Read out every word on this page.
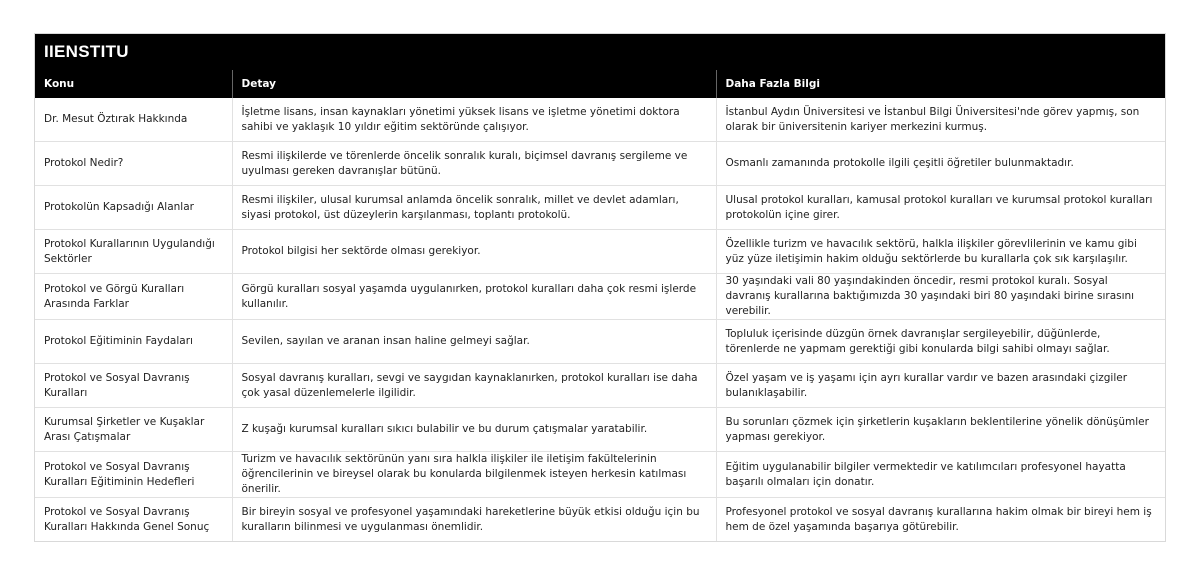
IIENSTITU
Konu	Detay	Daha Fazla Bilgi
Dr. Mesut Öztırak Hakkında	İşletme lisans, insan kaynakları yönetimi yüksek lisans ve işletme yönetimi doktora sahibi ve yaklaşık 10 yıldır eğitim sektöründe çalışıyor.	İstanbul Aydın Üniversitesi ve İstanbul Bilgi Üniversitesi'nde görev yapmış, son olarak bir üniversitenin kariyer merkezini kurmuş.
Protokol Nedir?	Resmi ilişkilerde ve törenlerde öncelik sonralık kuralı, biçimsel davranış sergileme ve uyulması gereken davranışlar bütünü.	Osmanlı zamanında protokolle ilgili çeşitli öğretiler bulunmaktadır.
Protokolün Kapsadığı Alanlar	Resmi ilişkiler, ulusal kurumsal anlamda öncelik sonralık, millet ve devlet adamları, siyasi protokol, üst düzeylerin karşılanması, toplantı protokolü.	Ulusal protokol kuralları, kamusal protokol kuralları ve kurumsal protokol kuralları protokolün içine girer.
Protokol Kurallarının Uygulandığı Sektörler	Protokol bilgisi her sektörde olması gerekiyor.	Özellikle turizm ve havacılık sektörü, halkla ilişkiler görevlilerinin ve kamu gibi yüz yüze iletişimin hakim olduğu sektörlerde bu kurallarla çok sık karşılaşılır.
Protokol ve Görgü Kuralları Arasında Farklar	Görgü kuralları sosyal yaşamda uygulanırken, protokol kuralları daha çok resmi işlerde kullanılır.	30 yaşındaki vali 80 yaşındakinden öncedir, resmi protokol kuralı. Sosyal davranış kurallarına baktığımızda 30 yaşındaki biri 80 yaşındaki birine sırasını verebilir.
Protokol Eğitiminin Faydaları	Sevilen, sayılan ve aranan insan haline gelmeyi sağlar.	Topluluk içerisinde düzgün örnek davranışlar sergileyebilir, düğünlerde, törenlerde ne yapmam gerektiği gibi konularda bilgi sahibi olmayı sağlar.
Protokol ve Sosyal Davranış Kuralları	Sosyal davranış kuralları, sevgi ve saygıdan kaynaklanırken, protokol kuralları ise daha çok yasal düzenlemelerle ilgilidir.	Özel yaşam ve iş yaşamı için ayrı kurallar vardır ve bazen arasındaki çizgiler bulanıklaşabilir.
Kurumsal Şirketler ve Kuşaklar Arası Çatışmalar	Z kuşağı kurumsal kuralları sıkıcı bulabilir ve bu durum çatışmalar yaratabilir.	Bu sorunları çözmek için şirketlerin kuşakların beklentilerine yönelik dönüşümler yapması gerekiyor.
Protokol ve Sosyal Davranış Kuralları Eğitiminin Hedefleri	Turizm ve havacılık sektörünün yanı sıra halkla ilişkiler ile iletişim fakültelerinin öğrencilerinin ve bireysel olarak bu konularda bilgilenmek isteyen herkesin katılması önerilir.	Eğitim uygulanabilir bilgiler vermektedir ve katılımcıları profesyonel hayatta başarılı olmaları için donatır.
Protokol ve Sosyal Davranış Kuralları Hakkında Genel Sonuç	Bir bireyin sosyal ve profesyonel yaşamındaki hareketlerine büyük etkisi olduğu için bu kuralların bilinmesi ve uygulanması önemlidir.	Profesyonel protokol ve sosyal davranış kurallarına hakim olmak bir bireyi hem iş hem de özel yaşamında başarıya götürebilir.
